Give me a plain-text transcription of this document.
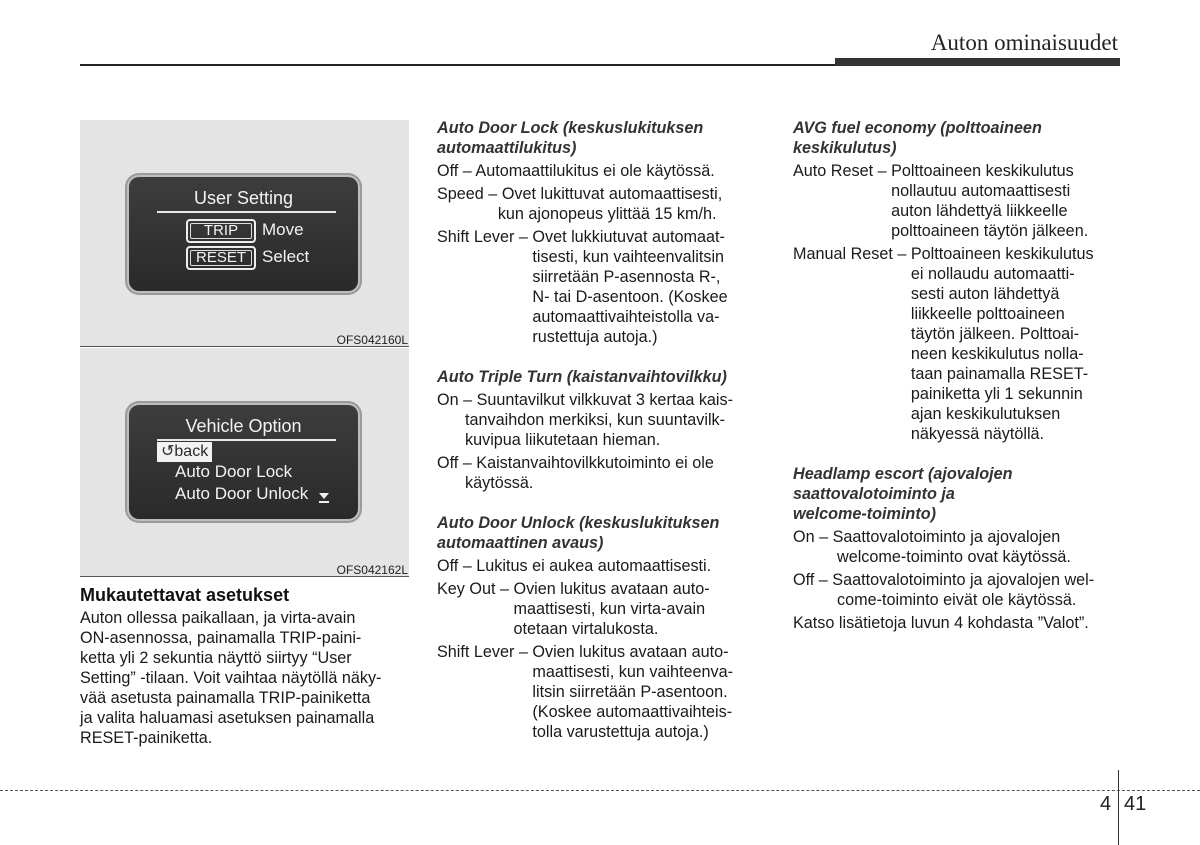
Auton ominaisuudet
User Setting
TRIP	Move
RESET Select
OFS042160L
Vehicle Option
↺back
Auto Door Lock
Auto Door Unlock
OFS042162L

Mukautettavat asetukset

Auton ollessa paikallaan, ja virta-avain

ON-asennossa, painamalla TRIP-paini-

ketta yli 2 sekuntia näyttö siirtyy “User

Setting” -tilaan. Voit vaihtaa näytöllä näky-

vää asetusta painamalla TRIP-painiketta

ja valita haluamasi asetuksen painamalla

RESET-painiketta.

Auto Door Lock (keskuslukituksen

automaattilukitus)

Off – Automaattilukitus ei ole käytössä.

Speed – Ovet lukittuvat automaattisesti,

kun ajonopeus ylittää 15 km/h.

Shift Lever – Ovet lukkiutuvat automaat-

tisesti, kun vaihteenvalitsin

siirretään P-asennosta R-,

N- tai D-asentoon. (Koskee

automaattivaihteistolla va-

rustettuja autoja.)

Auto Triple Turn (kaistanvaihtovilkku)

On – Suuntavilkut vilkkuvat 3 kertaa kais-

tanvaihdon merkiksi, kun suuntavilk-

kuvipua liikutetaan hieman.

Off – Kaistanvaihtovilkkutoiminto ei ole

käytössä.

Auto Door Unlock (keskuslukituksen

automaattinen avaus)

Off – Lukitus ei aukea automaattisesti.

Key Out – Ovien lukitus avataan auto-

maattisesti, kun virta-avain

otetaan virtalukosta.

Shift Lever – Ovien lukitus avataan auto-

maattisesti, kun vaihteenva-

litsin siirretään P-asentoon.

(Koskee automaattivaihteis-

tolla varustettuja autoja.)

AVG fuel economy (polttoaineen

keskikulutus)

Auto Reset – Polttoaineen keskikulutus

nollautuu automaattisesti

auton lähdettyä liikkeelle

polttoaineen täytön jälkeen.

Manual Reset – Polttoaineen keskikulutus

ei nollaudu automaatti-

sesti auton lähdettyä

liikkeelle polttoaineen

täytön jälkeen. Polttoai-

neen keskikulutus nolla-

taan painamalla RESET-

painiketta yli 1 sekunnin

ajan keskikulutuksen

näkyessä näytöllä.

Headlamp escort (ajovalojen

saattovalotoiminto ja

welcome-toiminto)

On – Saattovalotoiminto ja ajovalojen

welcome-toiminto ovat käytössä.

Off – Saattovalotoiminto ja ajovalojen wel-

come-toiminto eivät ole käytössä.

Katso lisätietoja luvun 4 kohdasta ”Valot”.

4 41
